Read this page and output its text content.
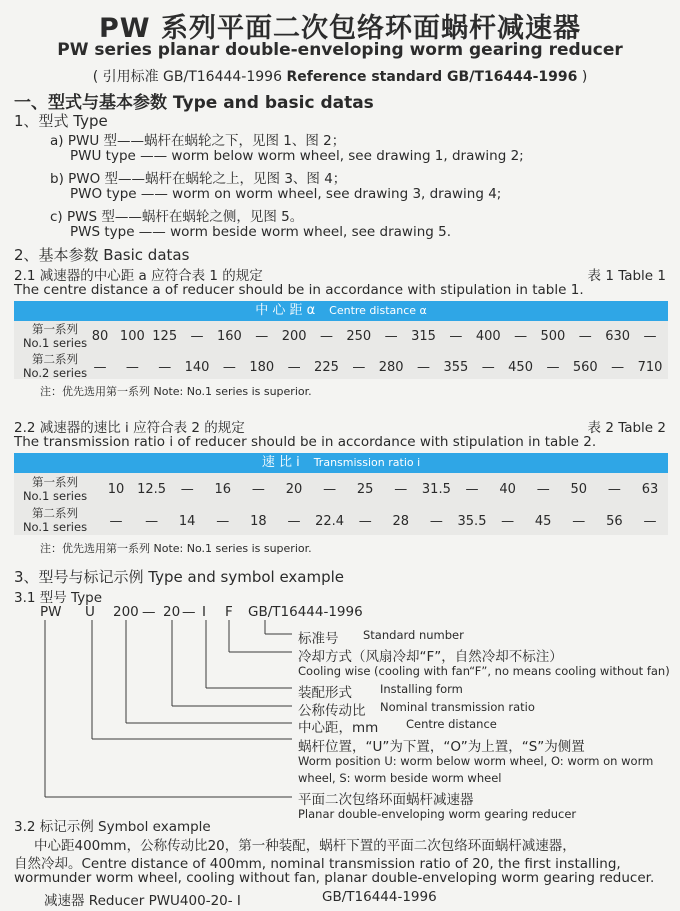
PW 系列平面二次包络环面蜗杆减速器
PW series planar double-enveloping worm gearing reducer
( 引用标准 GB/T16444-1996 Reference standard GB/T16444-1996 )
一、型式与基本参数 Type and basic datas
1、型式 Type
a) PWU 型——蜗杆在蜗轮之下，见图 1、图 2；
PWU type —— worm below worm wheel, see drawing 1, drawing 2;
b) PWO 型——蜗杆在蜗轮之上，见图 3、图 4；
PWO type —— worm on worm wheel, see drawing 3, drawing 4;
c) PWS 型——蜗杆在蜗轮之侧，见图 5。
PWS type —— worm beside worm wheel, see drawing 5.
2、基本参数 Basic datas
2.1 减速器的中心距 a 应符合表 1 的规定	表 1 Table 1
The centre distance a of reducer should be in accordance with stipulation in table 1.
中 心 距 α Centre distance α
第一系列
No.1 series 80 100 125	—	160	—	200	—	250	—	315	—	400	—	500	—	630	—
第二系列
No.2 series —	—	—	140	—	180	—	225	—	280	—	355	—	450	—	560	—	710
注：优先选用第一系列 Note: No.1 series is superior.
2.2 减速器的速比 i 应符合表 2 的规定	表 2 Table 2
The transmission ratio i of reducer should be in accordance with stipulation in table 2.
速 比 i Transmission ratio i
第一系列
No.1 series	10 12.5	—	16	—	20	—	25	—	31.5	—	40	—	50	—	63
第二系列
No.1 series	—	—	14	—	18	—	22.4	—	28	—	35.5	—	45	—	56	—
注：优先选用第一系列 Note: No.1 series is superior.
3、型号与标记示例 Type and symbol example
3.1 型号 Type
PW U 200 — 20 — I F GB/T16444-1996
标准号 Standard number
冷却方式（风扇冷却“F”，自然冷却不标注）
Cooling wise (cooling with fan“F”, no means cooling without fan)
装配形式 Installing form
公称传动比 Nominal transmission ratio
中心距，mm Centre distance
蜗杆位置，“U”为下置，“O”为上置，“S”为侧置
Worm position U: worm below worm wheel, O: worm on worm
wheel, S: worm beside worm wheel
平面二次包络环面蜗杆减速器
Planar double-enveloping worm gearing reducer
3.2 标记示例 Symbol example
中心距400mm，公称传动比20，第一种装配，蜗杆下置的平面二次包络环面蜗杆减速器，
自然冷却。Centre distance of 400mm, nominal transmission ratio of 20, the first installing,
wormunder worm wheel, cooling without fan, planar double-enveloping worm gearing reducer.
减速器 Reducer PWU400-20- Ⅰ	GB/T16444-1996
